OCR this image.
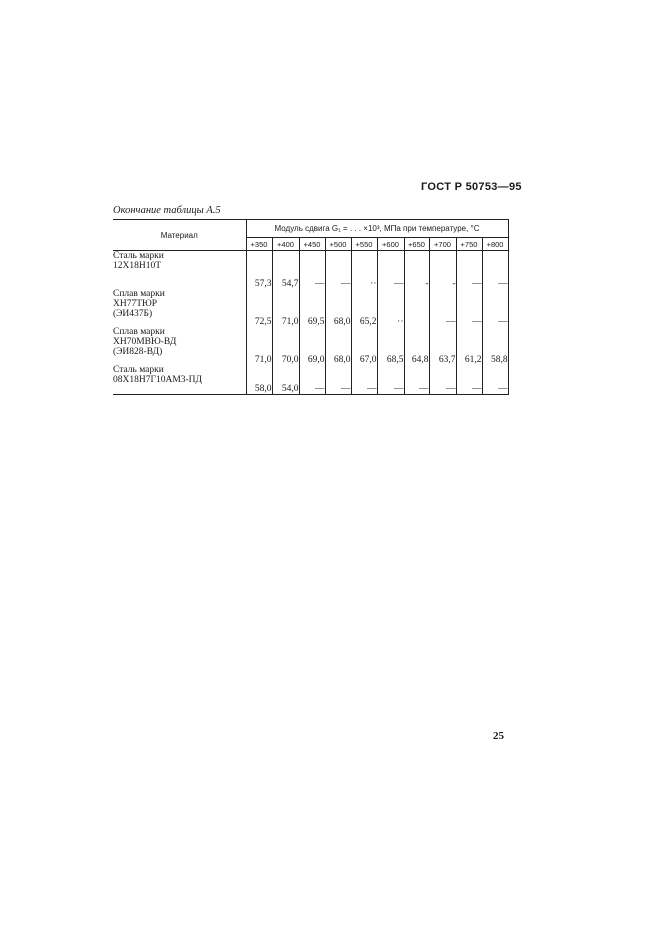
ГОСТ Р 50753—95
Окончание таблицы А.5
Материал	Модуль сдвига G₁ = . . . ×10³, МПа при температуре, °С									
	+350	+400	+450	+500	+550	+600	+650	+700	+750	+800

Сталь марки
12Х18Н10Т	57,3	54,7	—	—	··	—	-	-	—	—

Сплав марки
ХН77ТЮР
(ЭИ437Б)	72,5	71,0	69,5	68,0	65,2	··		—	—	—

Сплав марки
ХН70МВЮ-ВД
(ЭИ828-ВД)	71,0	70,0	69,0	68,0	67,0	68,5	64,8	63,7	61,2	58,8

Сталь марки
08Х18Н7Г10АМ3-ПД	58,0	54,0	—	—	—	—	—	—	—	—
25
